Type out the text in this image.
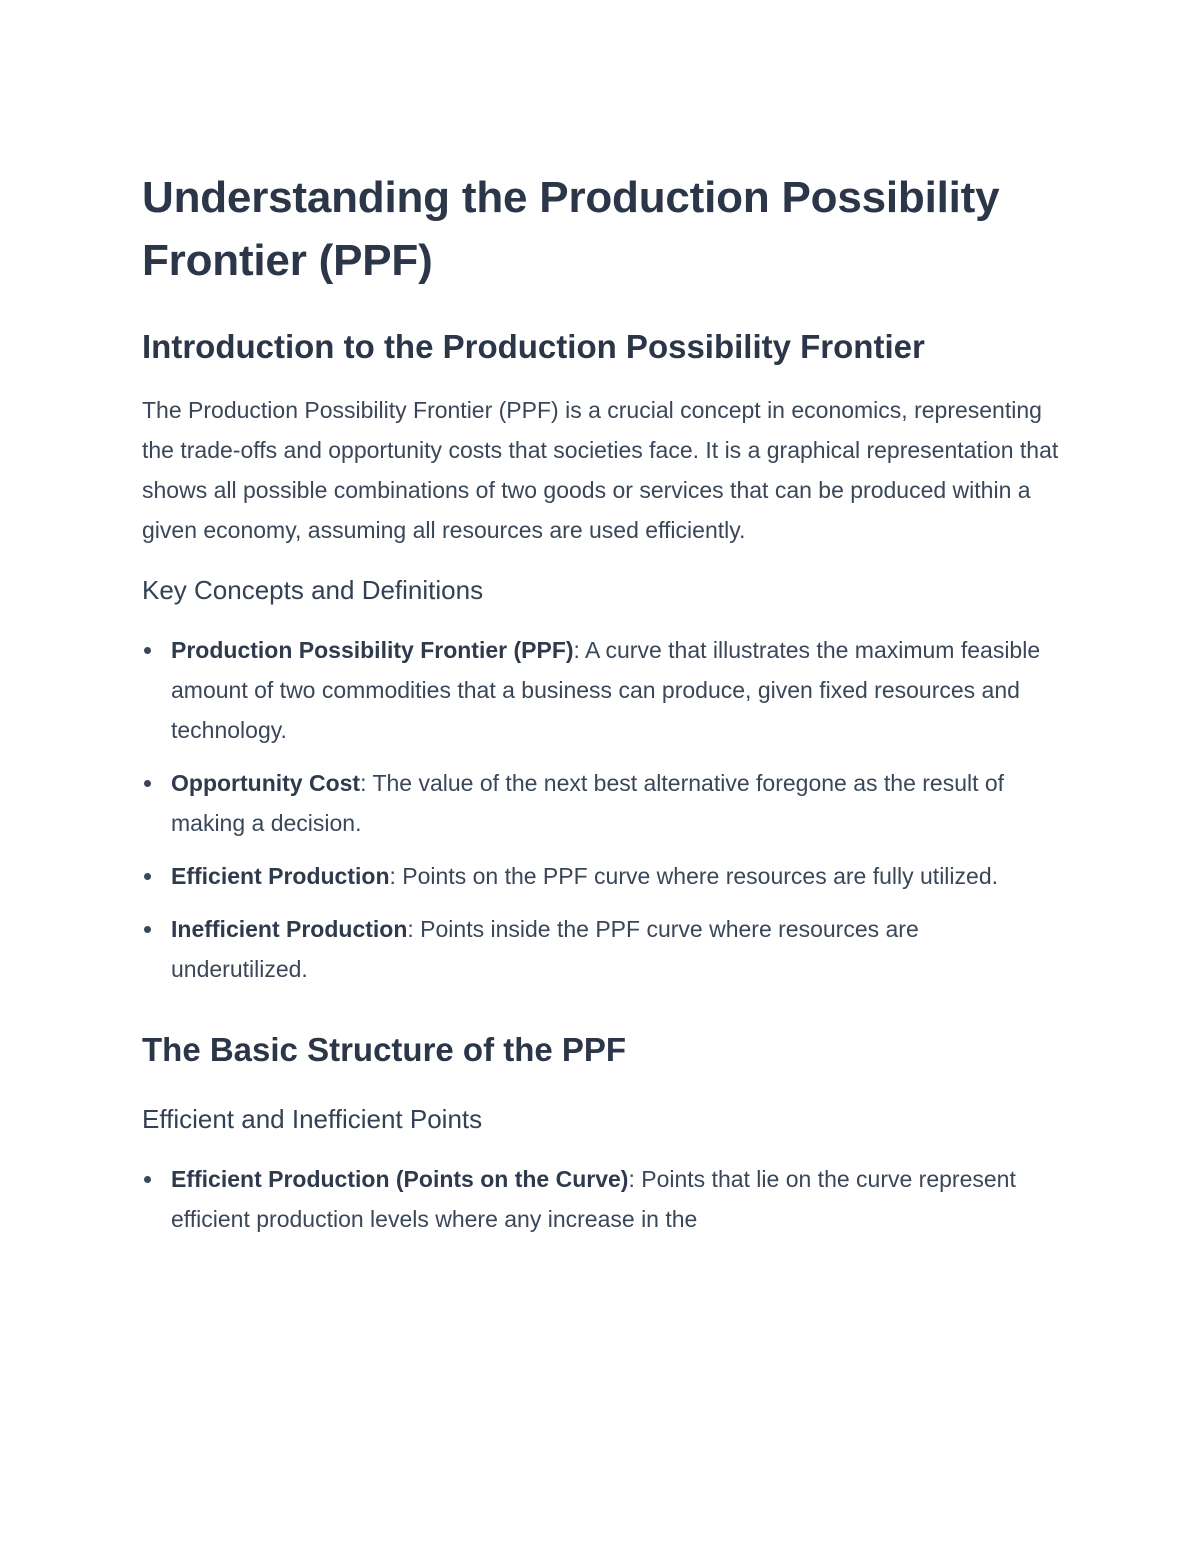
Understanding the Production Possibility Frontier (PPF)
Introduction to the Production Possibility Frontier

The Production Possibility Frontier (PPF) is a crucial concept in economics, representing the trade-offs and opportunity costs that societies face. It is a graphical representation that shows all possible combinations of two goods or services that can be produced within a given economy, assuming all resources are used efficiently.

Key Concepts and Definitions
Production Possibility Frontier (PPF): A curve that illustrates the maximum feasible amount of two commodities that a business can produce, given fixed resources and technology.
Opportunity Cost: The value of the next best alternative foregone as the result of making a decision.
Efficient Production: Points on the PPF curve where resources are fully utilized.
Inefficient Production: Points inside the PPF curve where resources are underutilized.
The Basic Structure of the PPF
Efficient and Inefficient Points
Efficient Production (Points on the Curve): Points that lie on the curve represent efficient production levels where any increase in the
